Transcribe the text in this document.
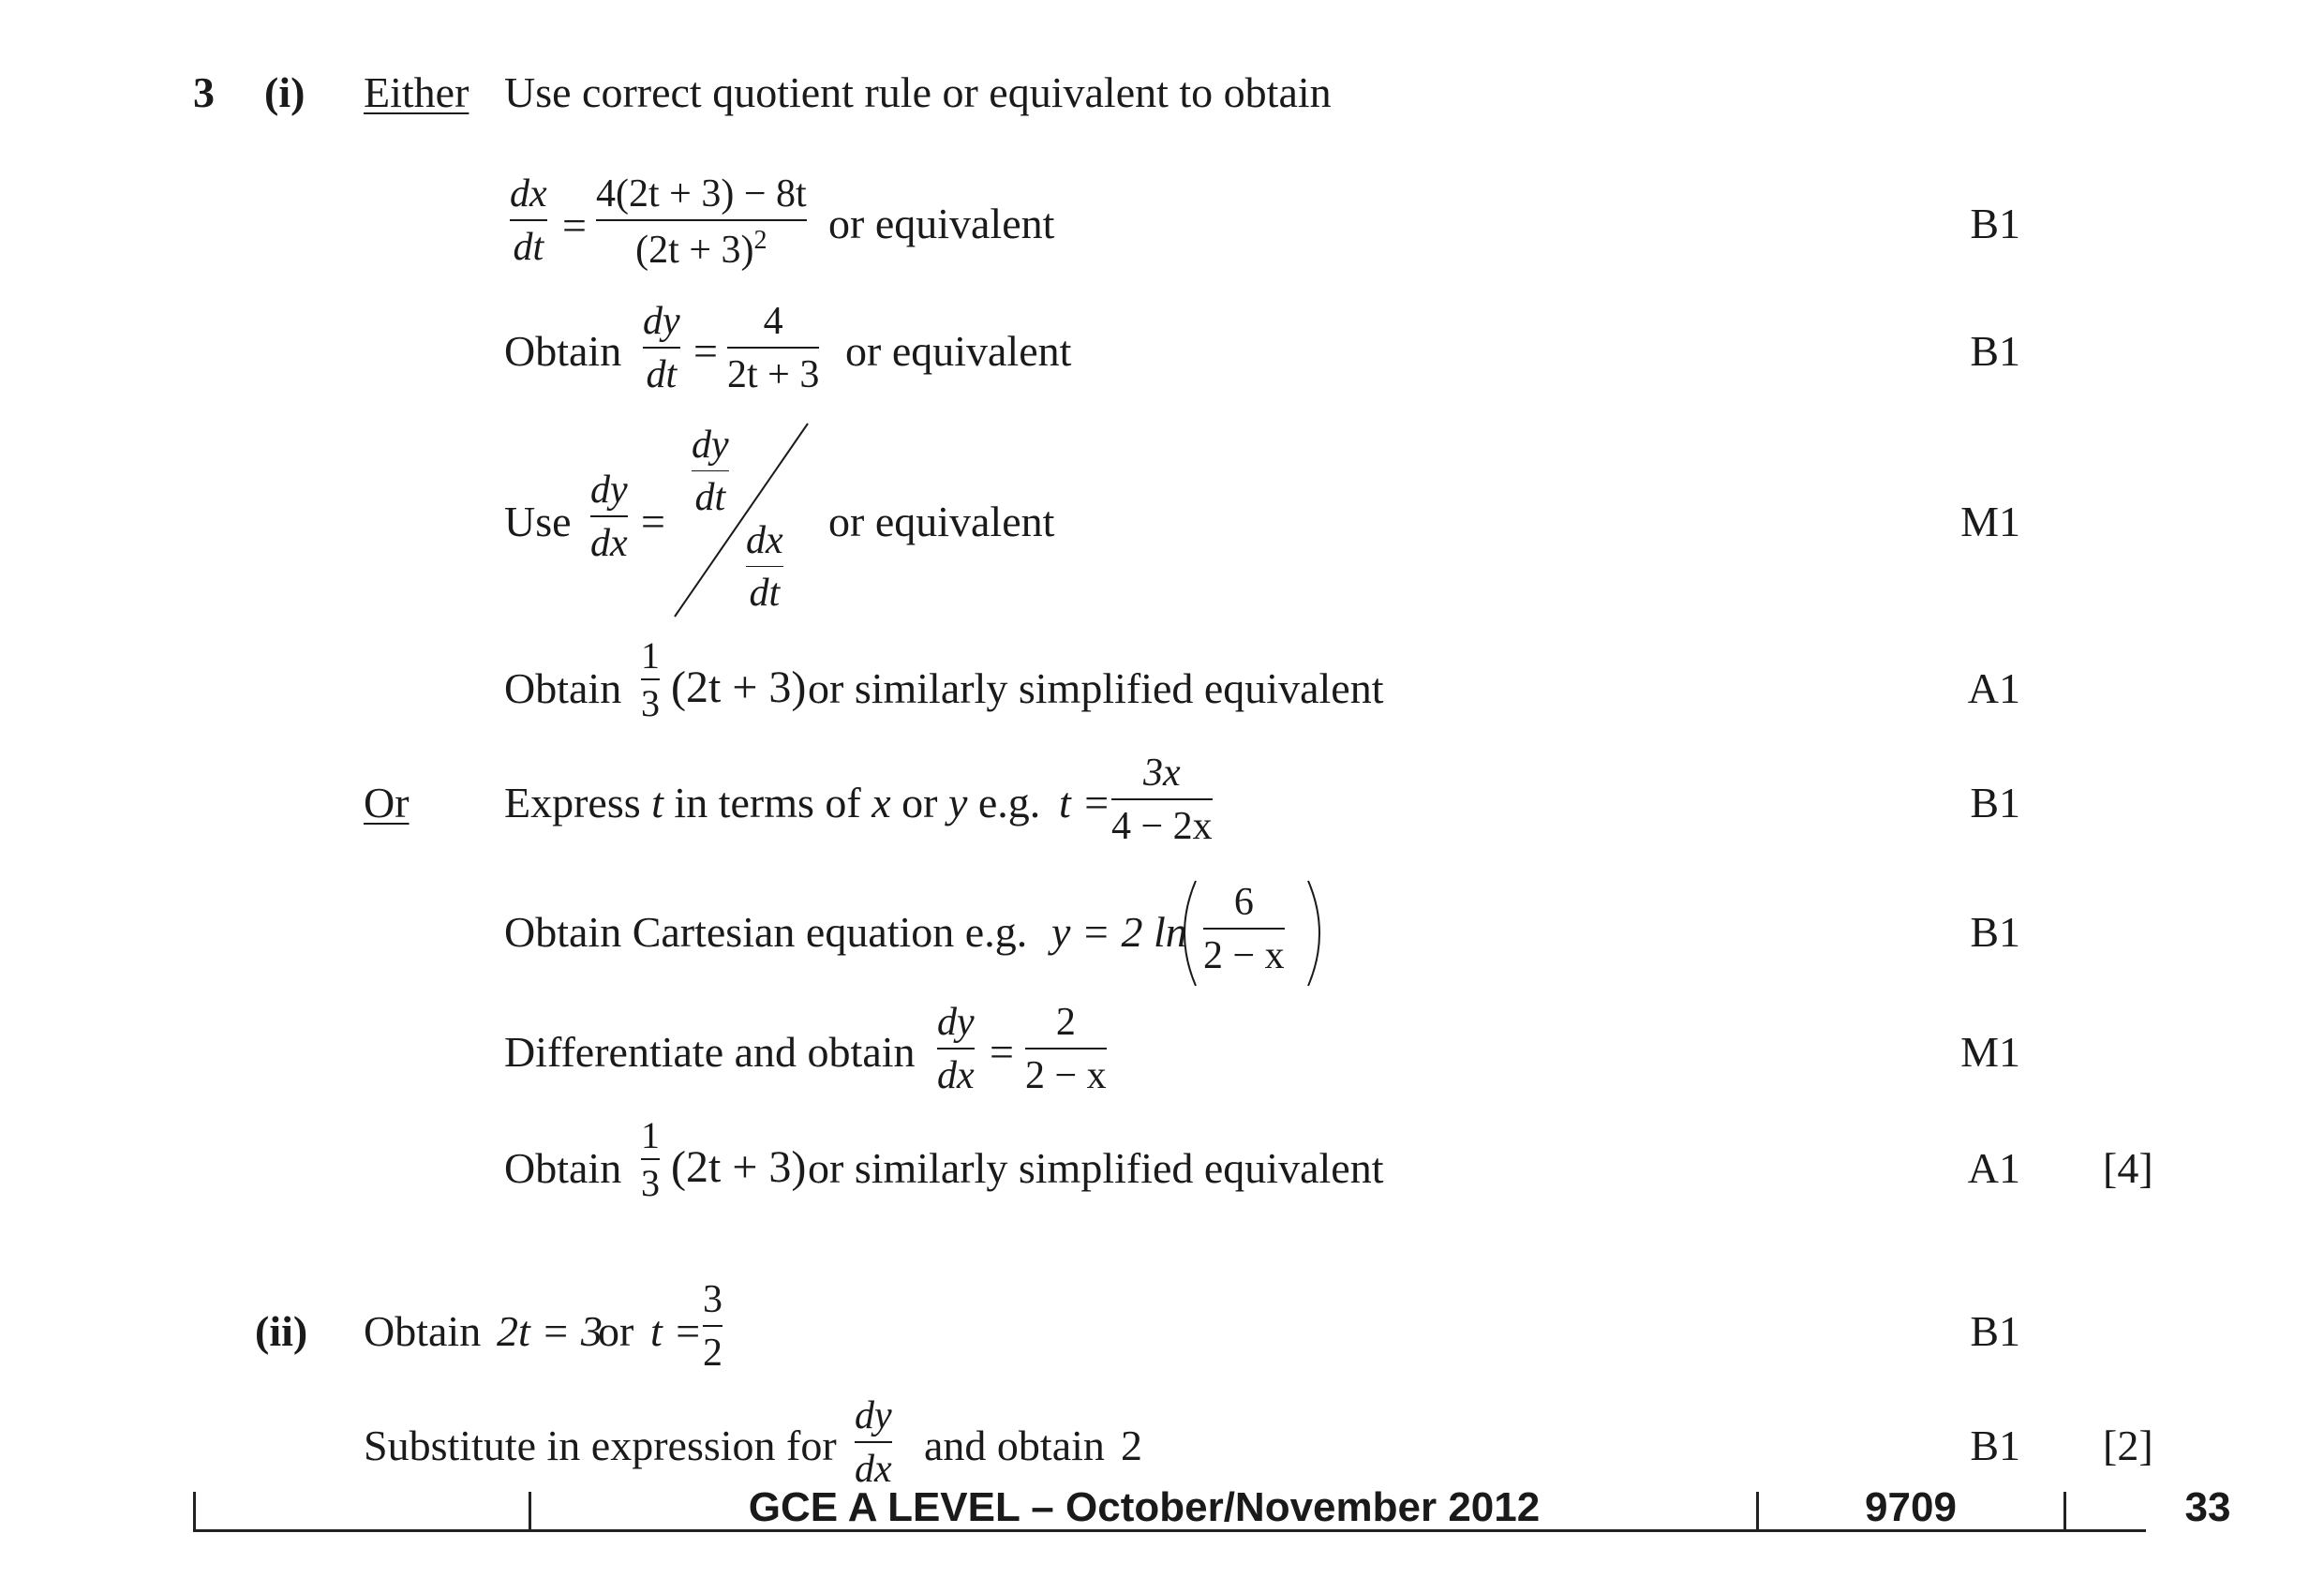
3 (i) Either Use correct quotient rule or equivalent to obtain
dx
dt =
4(2t + 3) − 8t
$(2t + 3)^2$	or equivalent	B1
Obtain
dy
dt =
4
2t + 3 or equivalent	B1
Use
dy
dx =
dy
dt
dx
dt
or equivalent	M1
Obtain
1
3 (2t + 3) or similarly simplified equivalent	A1
Or Express t in terms of x or y e.g. t =
3x
4 − 2x	B1
Obtain Cartesian equation e.g. y = 2 ln
6
2 − x	B1
Differentiate and obtain
dy
dx =
2
2 − x	M1
Obtain
1
3 (2t + 3) or similarly simplified equivalent	A1 [4]
(ii) Obtain 2t = 3
or t =
3
2	B1
Substitute in expression for
dy
dx and obtain 2	B1 [2]
GCE A LEVEL – October/November 2012	9709	33
